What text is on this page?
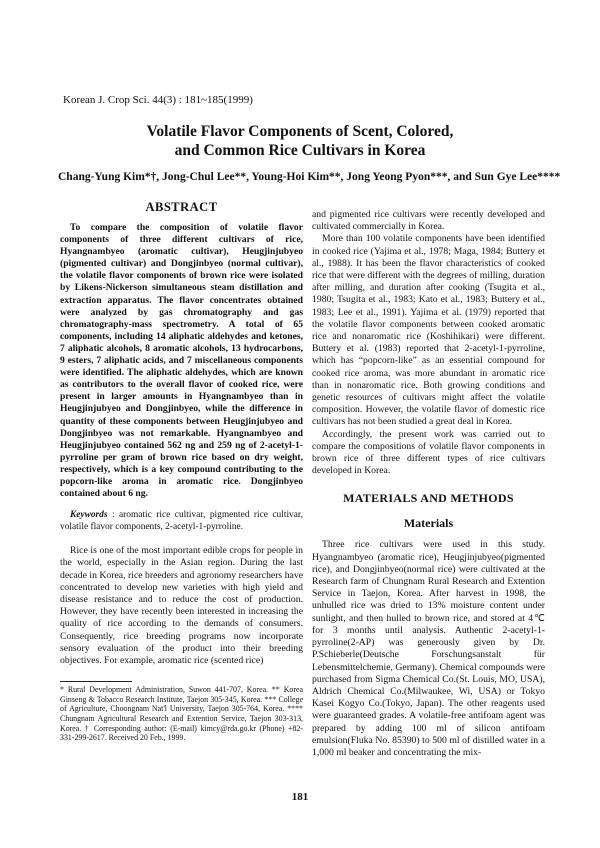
Korean J. Crop Sci. 44(3) : 181~185(1999)
Volatile Flavor Components of Scent, Colored,
and Common Rice Cultivars in Korea
Chang-Yung Kim*†, Jong-Chul Lee**, Young-Hoi Kim**, Jong Yeong Pyon***, and Sun Gye Lee****
ABSTRACT

To compare the composition of volatile flavor components of three different cultivars of rice, Hyangnambyeo (aromatic cultivar), Heugjinjubyeo (pigmented cultivar) and Dongjinbyeo (normal cultivar), the volatile flavor components of brown rice were isolated by Likens-Nickerson simultaneous steam distillation and extraction apparatus. The flavor concentrates obtained were analyzed by gas chromatography and gas chromatography-mass spectrometry. A total of 65 components, including 14 aliphatic aldehydes and ketones, 7 aliphatic alcohols, 8 aromatic alcohols, 13 hydrocarbons, 9 esters, 7 aliphatic acids, and 7 miscellaneous components were identified. The aliphatic aldehydes, which are known as contributors to the overall flavor of cooked rice, were present in larger amounts in Hyangnambyeo than in Heugjinjubyeo and Dongjinbyeo, while the difference in quantity of these components between Heugjinjubyeo and Dongjinbyeo was not remarkable. Hyangnambyeo and Heugjinjubyeo contained 562 ng and 259 ng of 2-acetyl-1-pyrroline per gram of brown rice based on dry weight, respectively, which is a key compound contributing to the popcorn-like aroma in aromatic rice. Dongjinbyeo contained about 6 ng.

Keywords : aromatic rice cultivar, pigmented rice cultivar, volatile flavor components, 2-acetyl-1-pyrroline.

Rice is one of the most important edible crops for people in the world, especially in the Asian region. During the last decade in Korea, rice breeders and agronomy researchers have concentrated to develop new varieties with high yield and disease resistance and to reduce the cost of production. However, they have recently been interested in increasing the quality of rice according to the demands of consumers. Consequently, rice breeding programs now incorporate sensory evaluation of the product into their breeding objectives. For example, aromatic rice (scented rice)

* Rural Development Administration, Suwon 441-707, Korea. ** Korea Ginseng & Tobacco Research Institute, Taejon 305-345, Korea. *** College of Agriculture, Choongnam Nat'l University, Taejon 305-764, Korea. **** Chungnam Agricultural Research and Extention Service, Taejon 303-313, Korea. † Corresponding author: (E-mail) kimcy@rda.go.kr (Phone) +82-331-299-2617. Received 20 Feb., 1999.

and pigmented rice cultivars were recently developed and cultivated commercially in Korea.

More than 100 volatile components have been identified in cooked rice (Yajima et al., 1978; Maga, 1984; Buttery et al., 1988). It has been the flavor characteristics of cooked rice that were different with the degrees of milling, duration after milling, and duration after cooking (Tsugita et al., 1980; Tsugita et al., 1983; Kato et al., 1983; Buttery et al., 1983; Lee et al., 1991). Yajima et al. (1979) reported that the volatile flavor components between cooked aromatic rice and nonaromatic rice (Koshihikari) were different. Buttery et al. (1983) reported that 2-acetyl-1-pyrroline, which has “popcorn-like” as an essential compound for cooked rice aroma, was more abundant in aromatic rice than in nonaromatic rice. Both growing conditions and genetic resources of cultivars might affect the volatile composition. However, the volatile flavor of domestic rice cultivars has not been studied a great deal in Korea.

Accordingly, the present work was carried out to compare the compositions of volatile flavor components in brown rice of three different types of rice cultivars developed in Korea.

MATERIALS AND METHODS
Materials

Three rice cultivars were used in this study. Hyangnambyeo (aromatic rice), Heugjinjubyeo(pigmented rice), and Dongjinbyeo(normal rice) were cultivated at the Research farm of Chungnam Rural Research and Extention Service in Taejon, Korea. After harvest in 1998, the unhulled rice was dried to 13% moisture content under sunlight, and then hulled to brown rice, and stored at 4℃ for 3 months until analysis. Authentic 2-acetyl-1-pyrroline(2-AP) was generously given by Dr. P.Schieberle(Deutsche Forschungsanstalt für Lebensmittelchemie, Germany). Chemical compounds were purchased from Sigma Chemical Co.(St. Louis, MO, USA), Aldrich Chemical Co.(Milwaukee, Wi, USA) or Tokyo Kasei Kogyo Co.(Tokyo, Japan). The other reagents used were guaranteed grades. A volatile-free antifoam agent was prepared by adding 100 ml of silicon antifoam emulsion(Fluka No. 85390) to 500 ml of distilled water in a 1,000 ml beaker and concentrating the mix-

181
